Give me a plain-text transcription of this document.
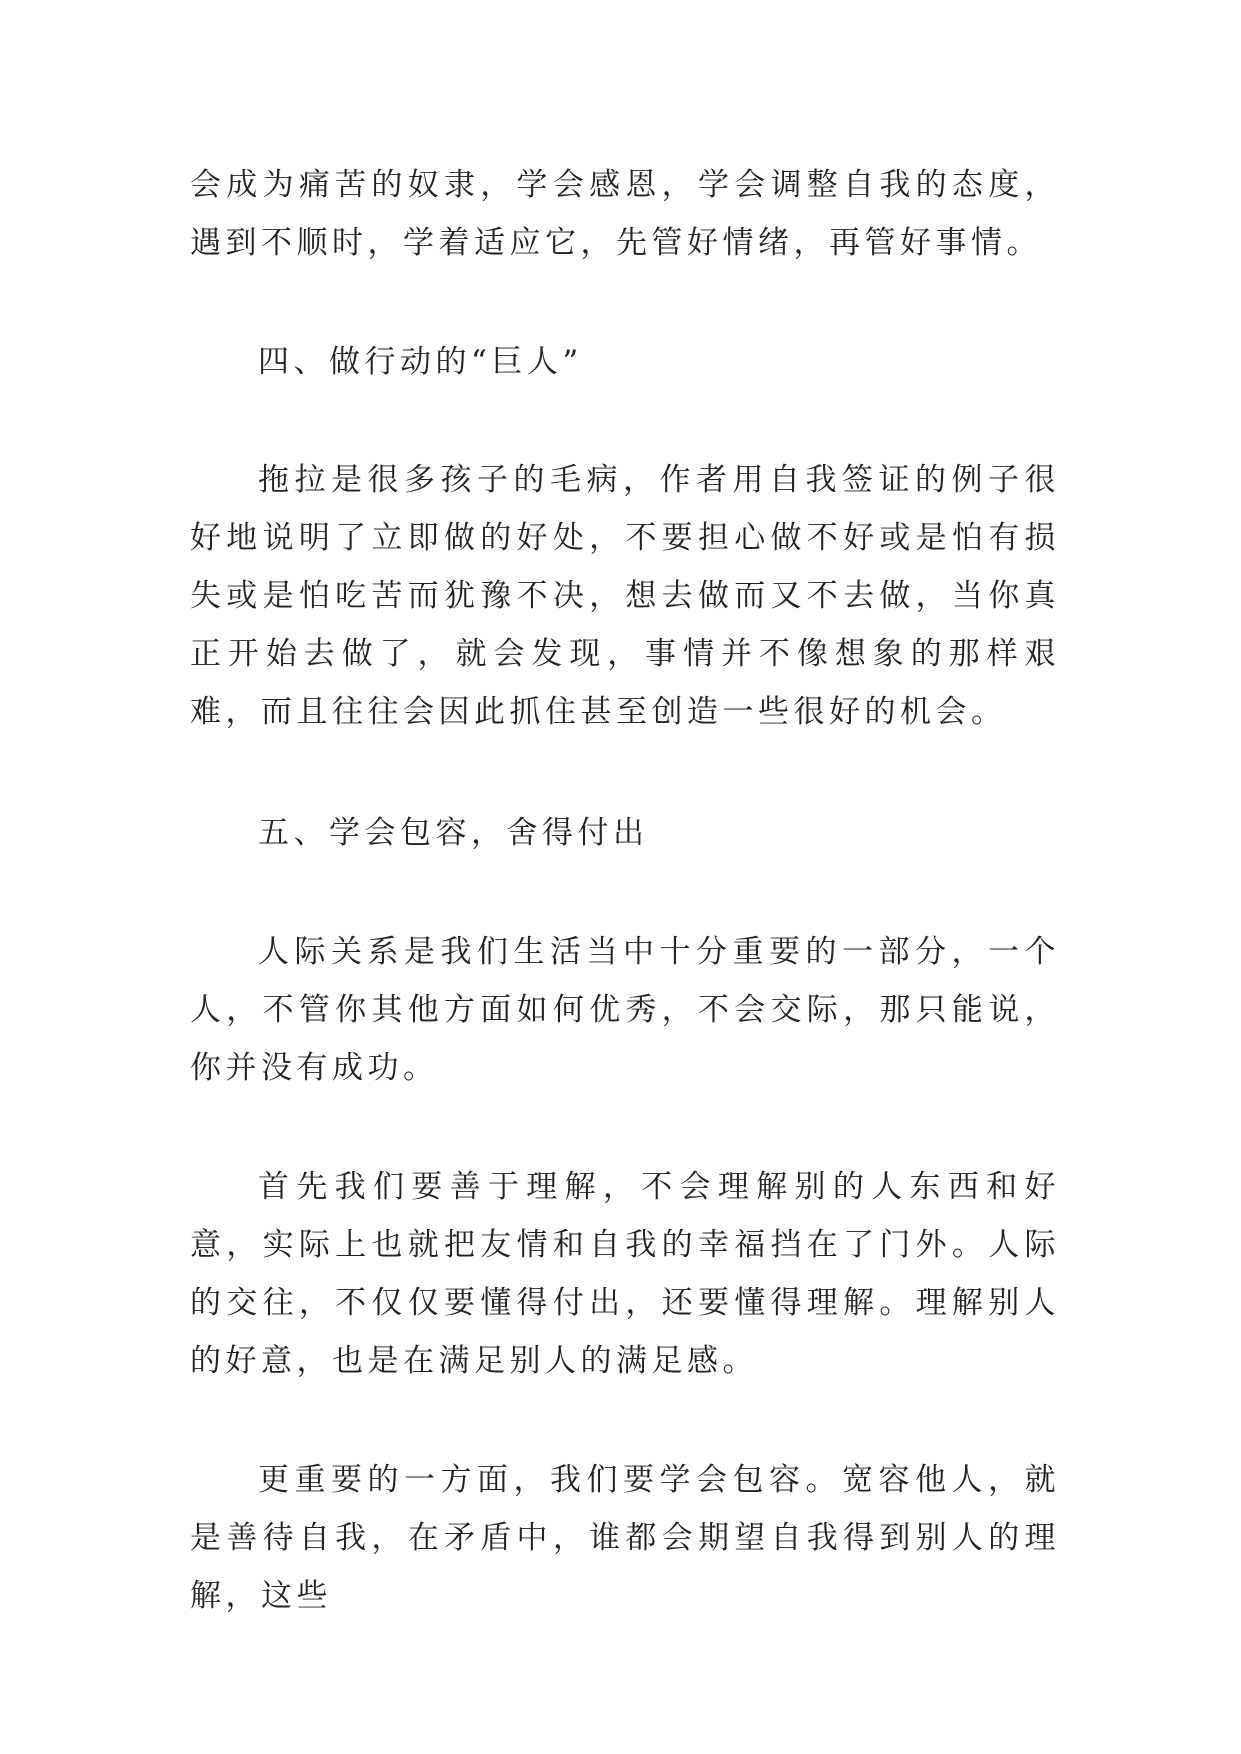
会成为痛苦的奴隶，学会感恩，学会调整自我的态度，遇到不顺时，学着适应它，先管好情绪，再管好事情。

四、做行动的“巨人”

拖拉是很多孩子的毛病，作者用自我签证的例子很好地说明了立即做的好处，不要担心做不好或是怕有损失或是怕吃苦而犹豫不决，想去做而又不去做，当你真正开始去做了，就会发现，事情并不像想象的那样艰难，而且往往会因此抓住甚至创造一些很好的机会。

五、学会包容，舍得付出

人际关系是我们生活当中十分重要的一部分，一个人，不管你其他方面如何优秀，不会交际，那只能说，你并没有成功。

首先我们要善于理解，不会理解别的人东西和好意，实际上也就把友情和自我的幸福挡在了门外。人际的交往，不仅仅要懂得付出，还要懂得理解。理解别人的好意，也是在满足别人的满足感。

更重要的一方面，我们要学会包容。宽容他人，就是善待自我，在矛盾中，谁都会期望自我得到别人的理解，这些
